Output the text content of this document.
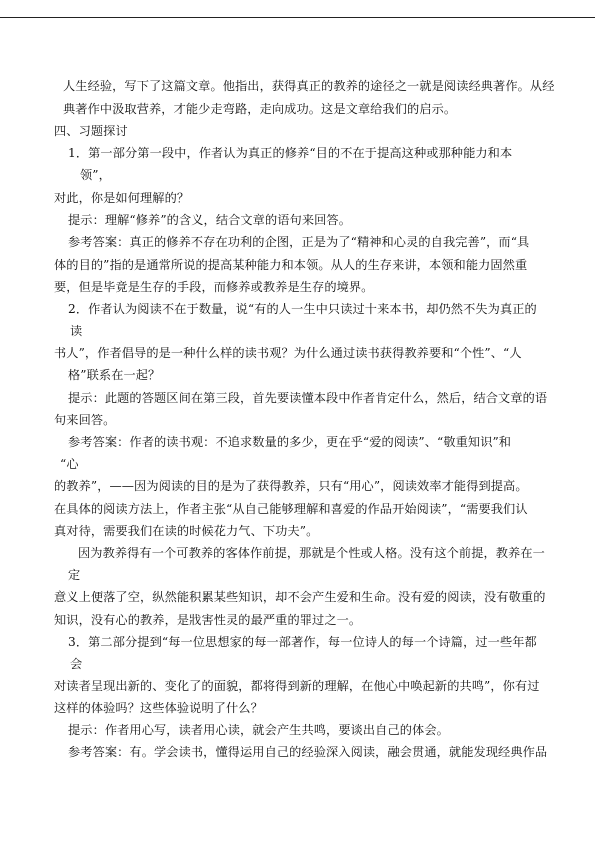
人生经验，写下了这篇文章。他指出，获得真正的教养的途径之一就是阅读经典著作。从经
典著作中汲取营养，才能少走弯路，走向成功。这是文章给我们的启示。
四、习题探讨
1．第一部分第一段中，作者认为真正的修养“目的不在于提高这种或那种能力和本
领”，
对此，你是如何理解的？
提示：理解“修养”的含义，结合文章的语句来回答。
参考答案：真正的修养不存在功利的企图，正是为了“精神和心灵的自我完善”，而“具
体的目的”指的是通常所说的提高某种能力和本领。从人的生存来讲，本领和能力固然重
要，但是毕竟是生存的手段，而修养或教养是生存的境界。
2．作者认为阅读不在于数量，说“有的人一生中只读过十来本书，却仍然不失为真正的
读
书人”，作者倡导的是一种什么样的读书观？为什么通过读书获得教养要和“个性”、“人
格”联系在一起？
提示：此题的答题区间在第三段，首先要读懂本段中作者肯定什么，然后，结合文章的语
句来回答。
参考答案：作者的读书观：不追求数量的多少，更在乎“爱的阅读”、“敬重知识”和
“心
的教养”，——因为阅读的目的是为了获得教养，只有“用心”，阅读效率才能得到提高。
在具体的阅读方法上，作者主张“从自己能够理解和喜爱的作品开始阅读”，“需要我们认
真对待，需要我们在读的时候花力气、下功夫”。
因为教养得有一个可教养的客体作前提，那就是个性或人格。没有这个前提，教养在一
定
意义上便落了空，纵然能积累某些知识，却不会产生爱和生命。没有爱的阅读，没有敬重的
知识，没有心的教养，是戕害性灵的最严重的罪过之一。
3．第二部分提到“每一位思想家的每一部著作，每一位诗人的每一个诗篇，过一些年都
会
对读者呈现出新的、变化了的面貌，都将得到新的理解，在他心中唤起新的共鸣”，你有过
这样的体验吗？这些体验说明了什么？
提示：作者用心写，读者用心读，就会产生共鸣，要谈出自己的体会。
参考答案：有。学会读书，懂得运用自己的经验深入阅读，融会贯通，就能发现经典作品
